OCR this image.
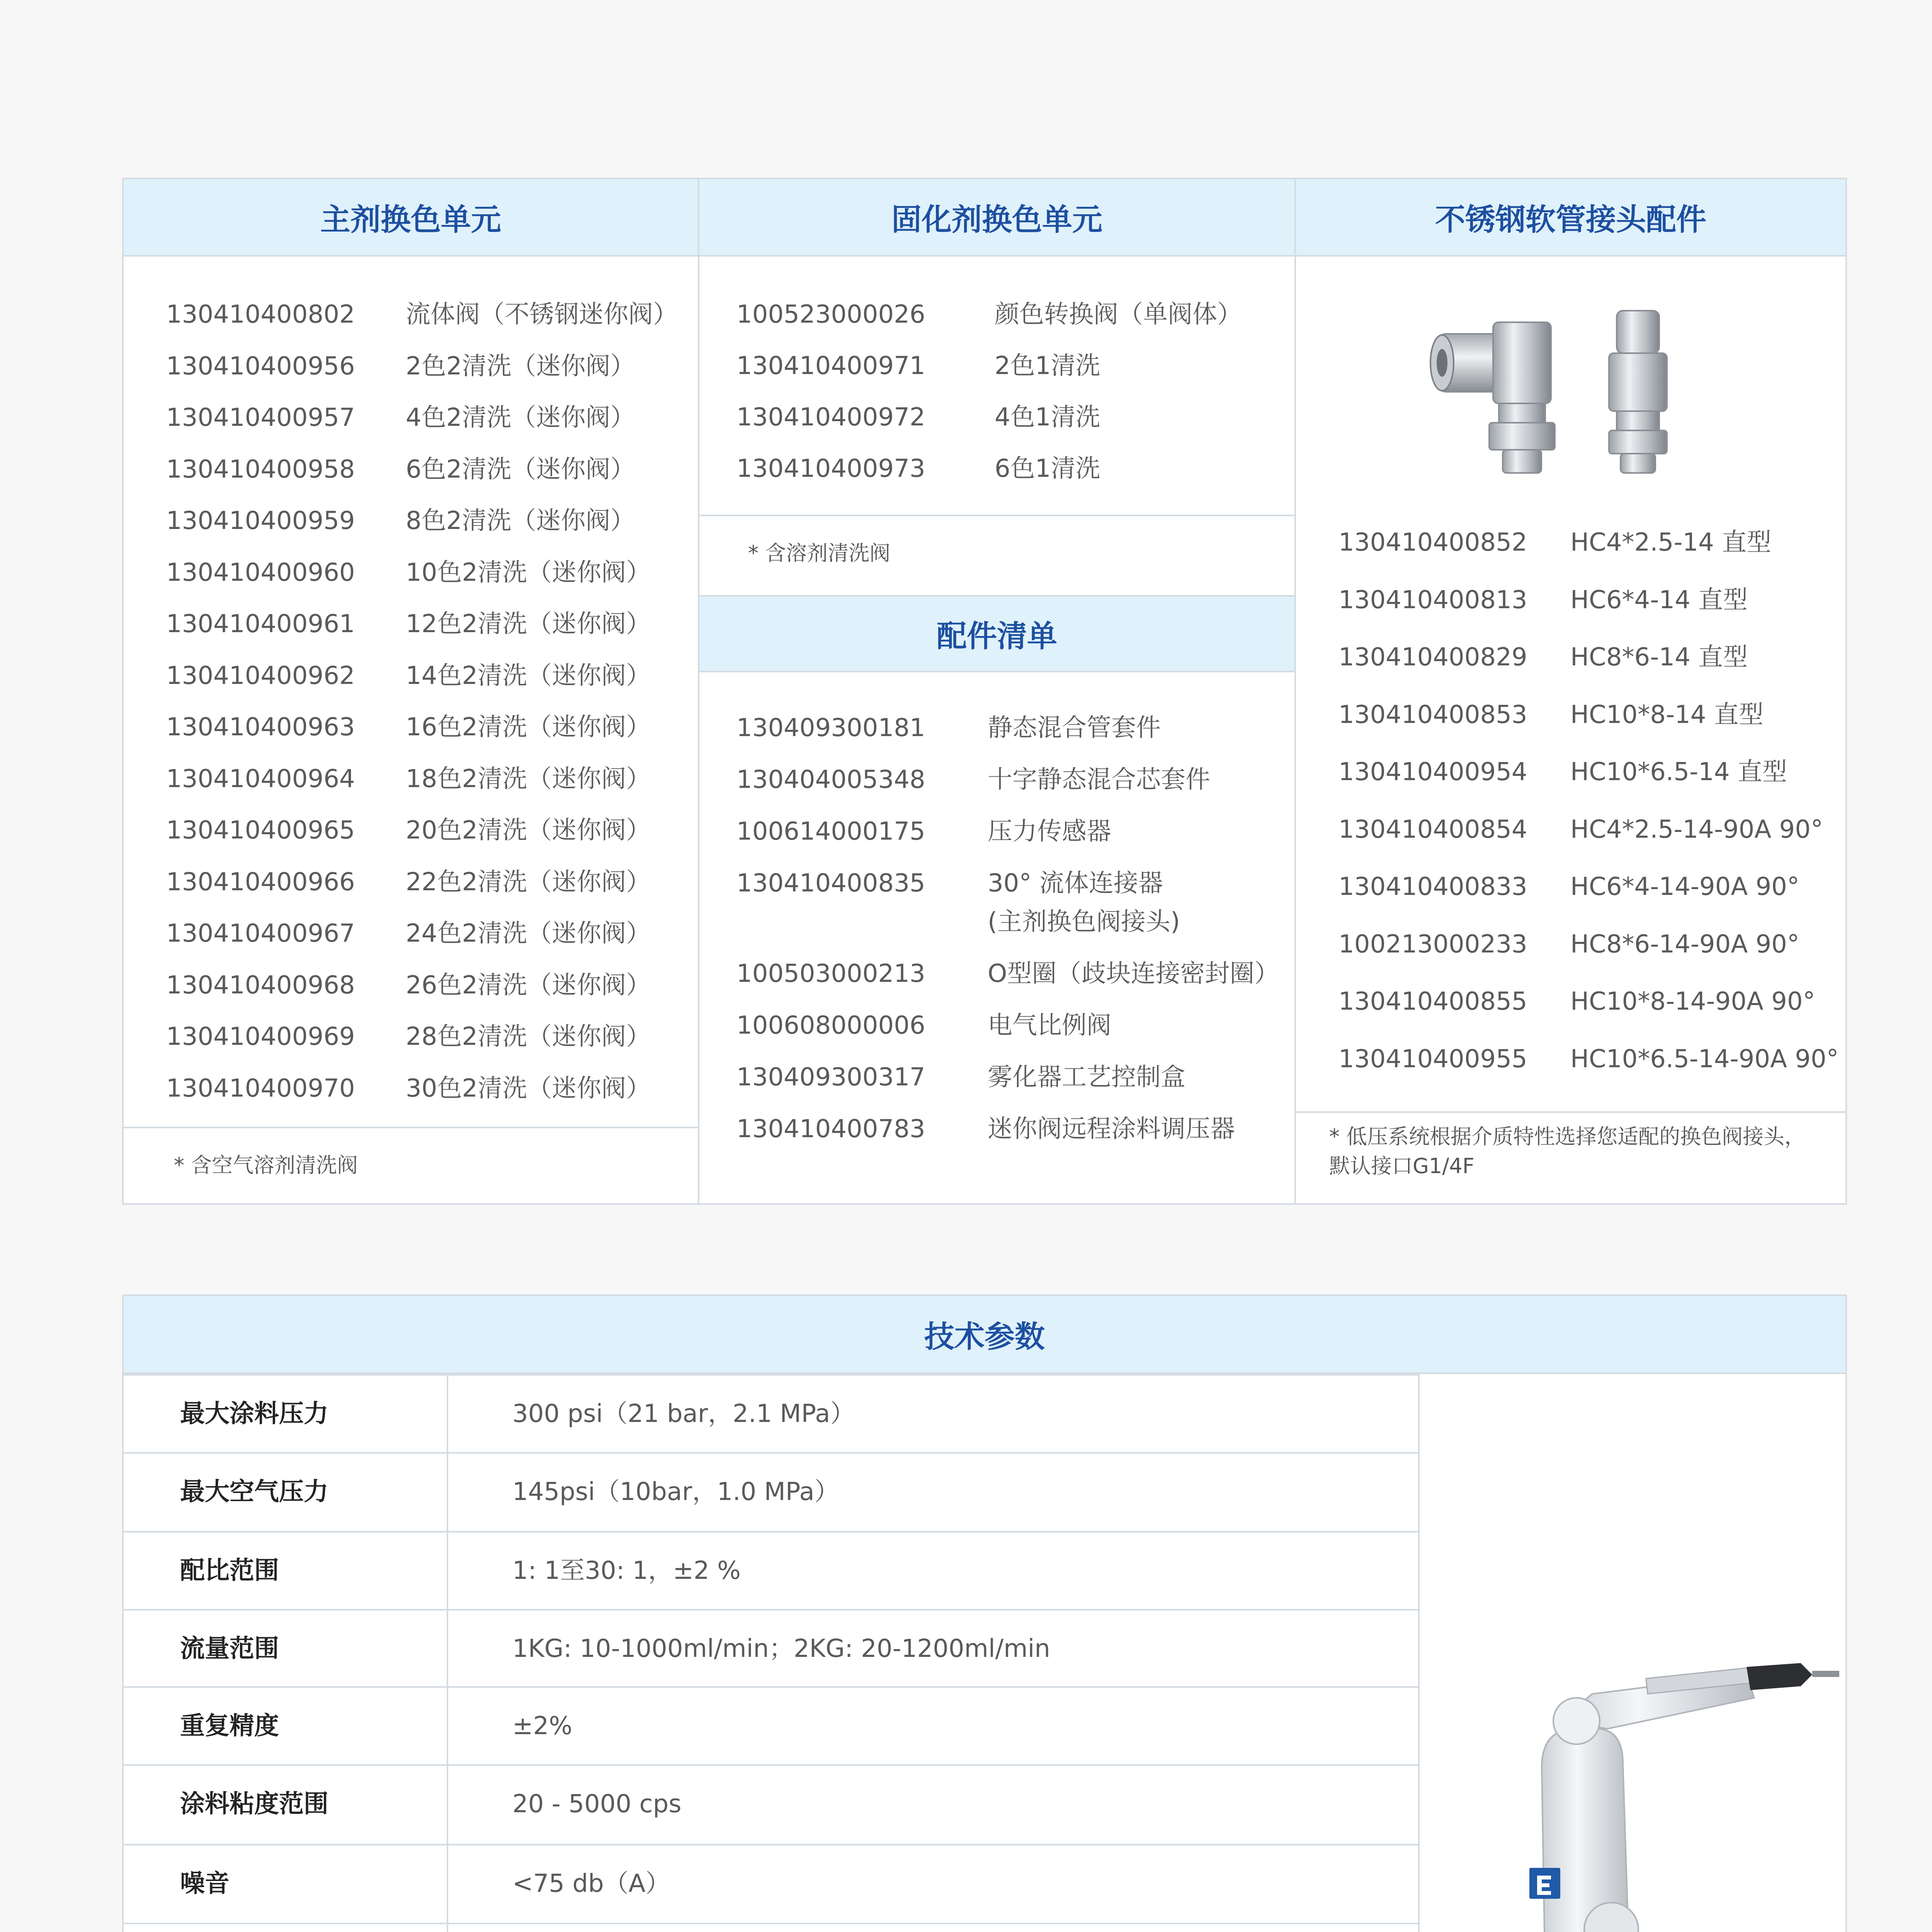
主剂换色单元
130410400802 流体阀（不锈钢迷你阀）
130410400956 2色2清洗（迷你阀）
130410400957 4色2清洗（迷你阀）
130410400958 6色2清洗（迷你阀）
130410400959 8色2清洗（迷你阀）
130410400960 10色2清洗（迷你阀）
130410400961 12色2清洗（迷你阀）
130410400962 14色2清洗（迷你阀）
130410400963 16色2清洗（迷你阀）
130410400964 18色2清洗（迷你阀）
130410400965 20色2清洗（迷你阀）
130410400966 22色2清洗（迷你阀）
130410400967 24色2清洗（迷你阀）
130410400968 26色2清洗（迷你阀）
130410400969 28色2清洗（迷你阀）
130410400970 30色2清洗（迷你阀）
* 含空气溶剂清洗阀
固化剂换色单元
100523000026	颜色转换阀（单阀体）
130410400971	2色1清洗
130410400972	4色1清洗
130410400973	6色1清洗
* 含溶剂清洗阀
配件清单
130409300181	静态混合管套件
130404005348	十字静态混合芯套件
100614000175	压力传感器
130410400835	30° 流体连接器
(主剂换色阀接头)
100503000213	O型圈（歧块连接密封圈）
100608000006	电气比例阀
130409300317	雾化器工艺控制盒
130410400783	迷你阀远程涂料调压器
不锈钢软管接头配件
130410400852 HC4*2.5-14 直型
130410400813 HC6*4-14 直型
130410400829 HC8*6-14 直型
130410400853 HC10*8-14 直型
130410400954 HC10*6.5-14 直型
130410400854 HC4*2.5-14-90A 90°
130410400833 HC6*4-14-90A 90°
100213000233 HC8*6-14-90A 90°
130410400855 HC10*8-14-90A 90°
130410400955 HC10*6.5-14-90A 90°
* 低压系统根据介质特性选择您适配的换色阀接头，
默认接口G1/4F
技术参数
最大涂料压力	300 psi（21 bar，2.1 MPa）
最大空气压力	145psi（10bar，1.0 MPa）
配比范围	1: 1至30: 1，±2 %
流量范围	1KG: 10-1000ml/min；2KG: 20-1200ml/min
重复精度	±2%
涂料粘度范围	20 - 5000 cps
噪音	<75 db（A）
